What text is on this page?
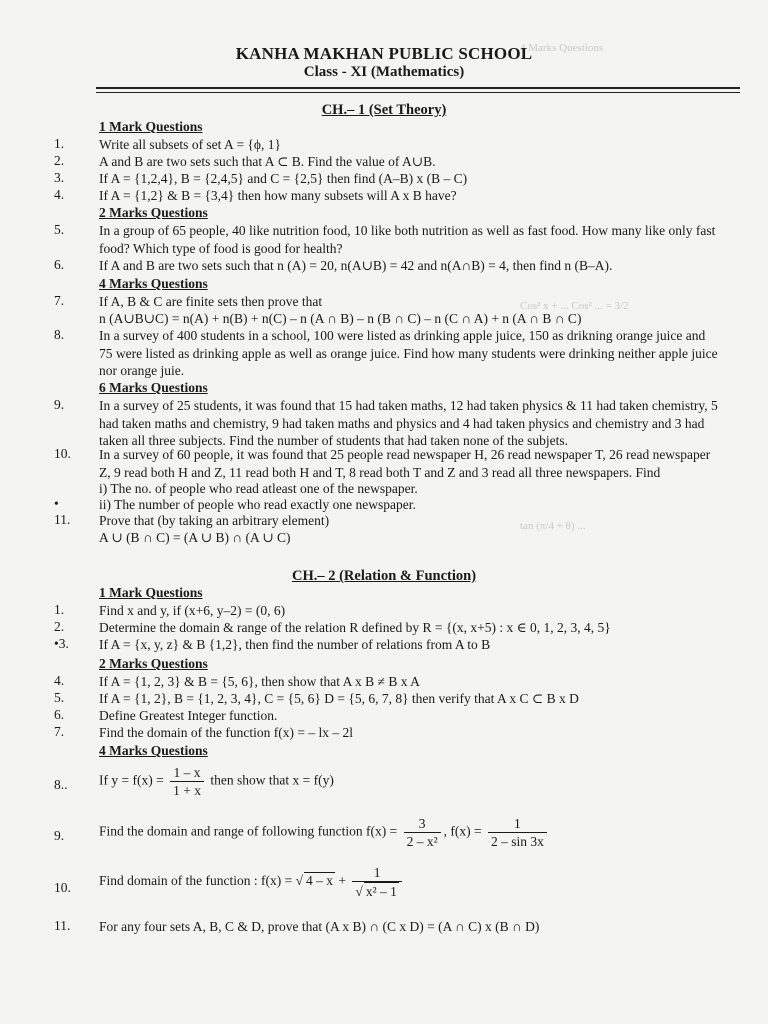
4 Marks Questions
Cos² x + ... Cos² ... = 3/2
tan (π/4 + θ) ...
KANHA MAKHAN PUBLIC SCHOOL
Class - XI (Mathematics)
CH.– 1 (Set Theory)
1 Mark Questions
1.	Write all subsets of set A = {ϕ, 1}
2.	A and B are two sets such that A ⊂ B. Find the value of A∪B.
3.	If A = {1,2,4}, B = {2,4,5} and C = {2,5} then find (A–B) x (B – C)
4.	If A = {1,2} & B = {3,4} then how many subsets will A x B have?
2 Marks Questions
5.	In a group of 65 people, 40 like nutrition food, 10 like both nutrition as well as fast food. How many like only fast food? Which type of food is good for health?
6.	If A and B are two sets such that n (A) = 20, n(A∪B) = 42 and n(A∩B) = 4, then find n (B–A).
4 Marks Questions
7.	If A, B & C are finite sets then prove that
n (A∪B∪C) = n(A) + n(B) + n(C) – n (A ∩ B) – n (B ∩ C) – n (C ∩ A) + n (A ∩ B ∩ C)
8.	In a survey of 400 students in a school, 100 were listed as drinking apple juice, 150 as drikning orange juice and 75 were listed as drinking apple as well as orange juice. Find how many students were drinking neither apple juice nor orange juie.
6 Marks Questions
9.	In a survey of 25 students, it was found that 15 had taken maths, 12 had taken physics & 11 had taken chemistry, 5 had taken maths and chemistry, 9 had taken maths and physics and 4 had taken physics and chemistry and 3 had taken all three subjects. Find the number of students that had taken none of the subjets.
10. In a survey of 60 people, it was found that 25 people read newspaper H, 26 read newspaper T, 26 read newspaper Z, 9 read both H and Z, 11 read both H and T, 8 read both T and Z and 3 read all three newspapers. Find
i) The no. of people who read atleast one of the newspaper.
•	ii) The number of people who read exactly one newspaper.
11. Prove that (by taking an arbitrary element)
A ∪ (B ∩ C) = (A ∪ B) ∩ (A ∪ C)
CH.– 2 (Relation & Function)
1 Mark Questions
1.	Find x and y, if (x+6, y–2) = (0, 6)
2.	Determine the domain & range of the relation R defined by R = {(x, x+5) : x ∈ 0, 1, 2, 3, 4, 5}
•3. If A = {x, y, z} & B {1,2}, then find the number of relations from A to B
2 Marks Questions
4.	If A = {1, 2, 3} & B = {5, 6}, then show that A x B ≠ B x A
5.	If A = {1, 2}, B = {1, 2, 3, 4}, C = {5, 6} D = {5, 6, 7, 8} then verify that A x C ⊂ B x D
6.	Define Greatest Integer function.
7.	Find the domain of the function f(x) = – lx – 2l
4 Marks Questions
8.. If $y = f(x) = \frac{1 - x}{1 + x}$ then show that x = f(y)
9.	Find the domain and range of following function $f(x) = \frac{3}{\text{2 – x²}}$ , $f(x) = \frac{1}{2 - \sin 3x}$
10. Find domain of the function : f(x) = √ $4 - x + \frac{1}{\text{√ x² – 1}}$
11. For any four sets A, B, C & D, prove that (A x B) ∩ (C x D) = (A ∩ C) x (B ∩ D)
